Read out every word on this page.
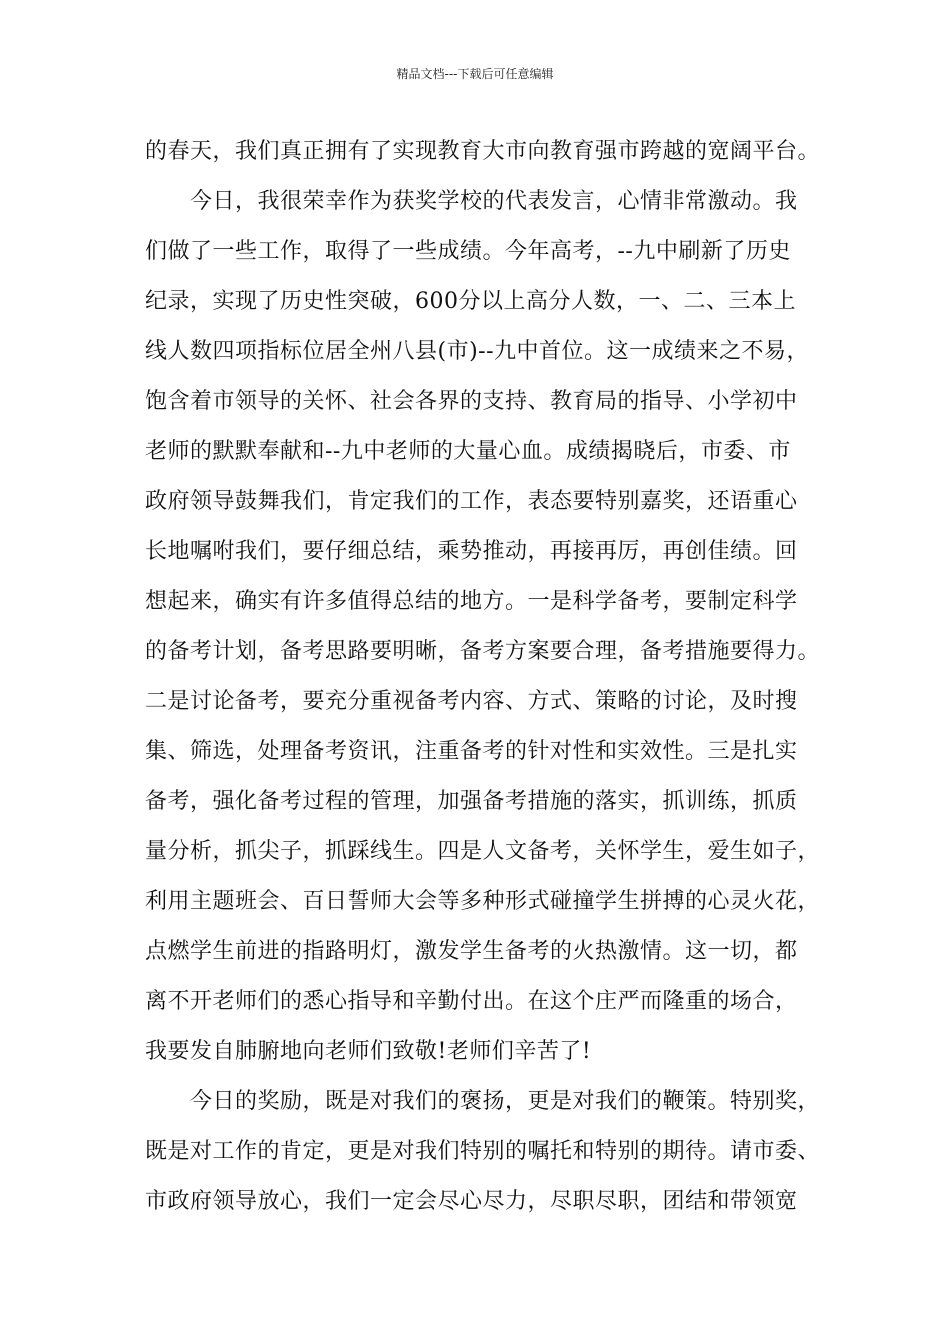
精品文档---下载后可任意编辑
的春天，我们真正拥有了实现教育大市向教育强市跨越的宽阔平台。
　　今日，我很荣幸作为获奖学校的代表发言，心情非常激动。我
们做了一些工作，取得了一些成绩。今年高考，--九中刷新了历史
纪录，实现了历史性突破，600分以上高分人数，一、二、三本上
线人数四项指标位居全州八县(市)--九中首位。这一成绩来之不易，
饱含着市领导的关怀、社会各界的支持、教育局的指导、小学初中
老师的默默奉献和--九中老师的大量心血。成绩揭晓后，市委、市
政府领导鼓舞我们，肯定我们的工作，表态要特别嘉奖，还语重心
长地嘱咐我们，要仔细总结，乘势推动，再接再厉，再创佳绩。回
想起来，确实有许多值得总结的地方。一是科学备考，要制定科学
的备考计划，备考思路要明晰，备考方案要合理，备考措施要得力。
二是讨论备考，要充分重视备考内容、方式、策略的讨论，及时搜
集、筛选，处理备考资讯，注重备考的针对性和实效性。三是扎实
备考，强化备考过程的管理，加强备考措施的落实，抓训练，抓质
量分析，抓尖子，抓踩线生。四是人文备考，关怀学生，爱生如子，
利用主题班会、百日誓师大会等多种形式碰撞学生拼搏的心灵火花，
点燃学生前进的指路明灯，激发学生备考的火热激情。这一切，都
离不开老师们的悉心指导和辛勤付出。在这个庄严而隆重的场合，
我要发自肺腑地向老师们致敬!老师们辛苦了!
　　今日的奖励，既是对我们的褒扬，更是对我们的鞭策。特别奖，
既是对工作的肯定，更是对我们特别的嘱托和特别的期待。请市委、
市政府领导放心，我们一定会尽心尽力，尽职尽职，团结和带领宽
